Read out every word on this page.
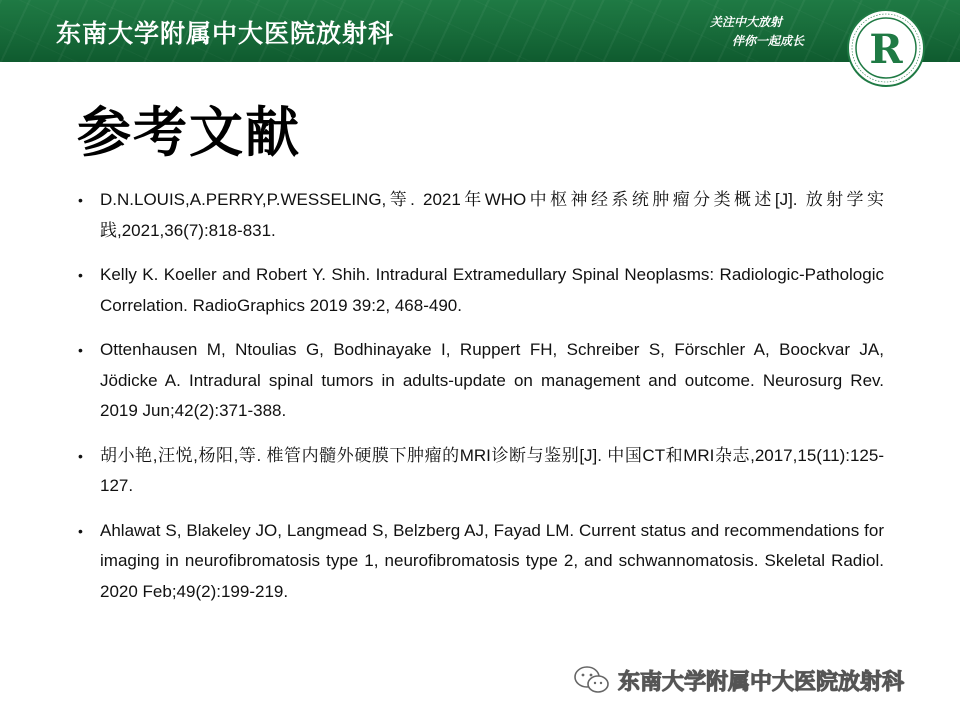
东南大学附属中大医院放射科	关注中大放射
伴你一起成长 R
参考文献
• D.N.LOUIS,A.PERRY,P.WESSELING,等. 2021年WHO中枢神经系统肿瘤分类概述[J]. 放射学实践,2021,36(7):818-831.
• Kelly K. Koeller and Robert Y. Shih. Intradural Extramedullary Spinal Neoplasms: Radiologic-Pathologic Correlation. RadioGraphics 2019 39:2, 468-490.
• Ottenhausen M, Ntoulias G, Bodhinayake I, Ruppert FH, Schreiber S, Förschler A, Boockvar JA, Jödicke A. Intradural spinal tumors in adults-update on management and outcome. Neurosurg Rev. 2019 Jun;42(2):371-388.
• 胡小艳,汪悦,杨阳,等. 椎管内髓外硬膜下肿瘤的MRI诊断与鉴别[J]. 中国CT和MRI杂志,2017,15(11):125-127.
• Ahlawat S, Blakeley JO, Langmead S, Belzberg AJ, Fayad LM. Current status and recommendations for imaging in neurofibromatosis type 1, neurofibromatosis type 2, and schwannomatosis. Skeletal Radiol. 2020 Feb;49(2):199-219.
东南大学附属中大医院放射科
